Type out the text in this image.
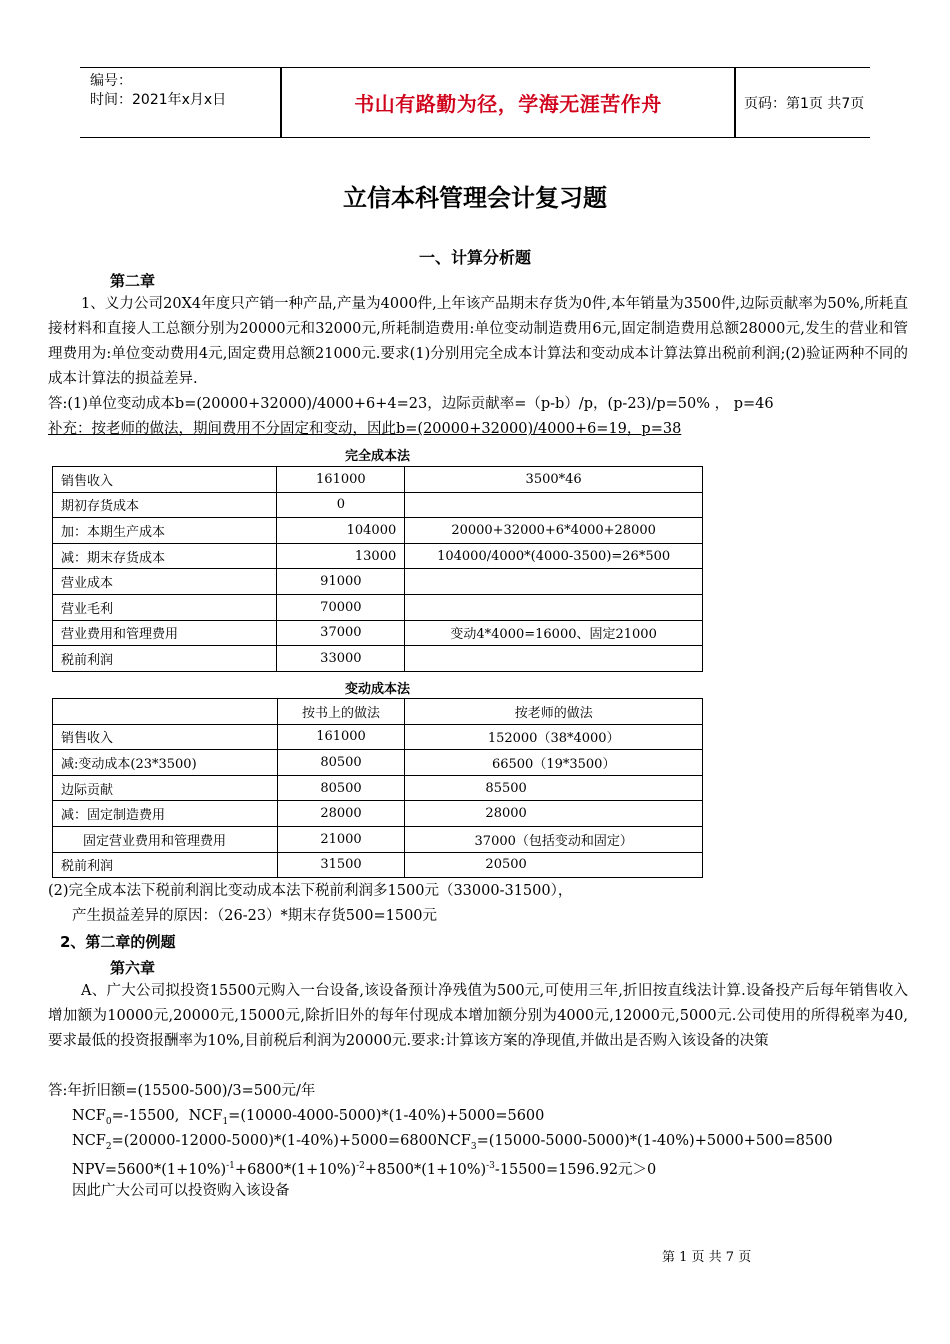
编号：
时间：2021年x月x日	书山有路勤为径，学海无涯苦作舟	页码：第1页 共7页
立信本科管理会计复习题
一、计算分析题
第二章
1、义力公司20X4年度只产销一种产品,产量为4000件,上年该产品期末存货为0件,本年销量为3500件,边际贡献率为50%,所耗直接材料和直接人工总额分别为20000元和32000元,所耗制造费用:单位变动制造费用6元,固定制造费用总额28000元,发生的营业和管理费用为:单位变动费用4元,固定费用总额21000元.要求(1)分别用完全成本计算法和变动成本计算法算出税前利润;(2)验证两种不同的成本计算法的损益差异.
答:(1)单位变动成本b=(20000+32000)/4000+6+4=23，边际贡献率=（p-b）/p，(p-23)/p=50% ， p=46
补充：按老师的做法，期间费用不分固定和变动，因此b=(20000+32000)/4000+6=19，p=38
完全成本法
销售收入	161000	3500*46
期初存货成本	0	
加：本期生产成本	104000	20000+32000+6*4000+28000
减：期末存货成本	13000	104000/4000*(4000-3500)=26*500
营业成本	91000	
营业毛利	70000	
营业费用和管理费用	37000	变动4*4000=16000、固定21000
税前利润	33000	
变动成本法
	按书上的做法	按老师的做法
销售收入	161000	152000（38*4000）
减:变动成本(23*3500)	80500	66500（19*3500）
边际贡献	80500	85500
减：固定制造费用	28000	28000
固定营业费用和管理费用	21000	37000（包括变动和固定）
税前利润	31500	20500
(2)完全成本法下税前利润比变动成本法下税前利润多1500元（33000-31500），
产生损益差异的原因：（26-23）*期末存货500=1500元
2、第二章的例题
第六章
A、广大公司拟投资15500元购入一台设备,该设备预计净残值为500元,可使用三年,折旧按直线法计算.设备投产后每年销售收入增加额为10000元,20000元,15000元,除折旧外的每年付现成本增加额分别为4000元,12000元,5000元.公司使用的所得税率为40,要求最低的投资报酬率为10%,目前税后利润为20000元.要求:计算该方案的净现值,并做出是否购入该设备的决策
答:年折旧额=(15500-500)/3=500元/年
$NCF_0=-15500$,  $NCF_1=(10000-4000-5000)*(1-40\%)+5000=5600$
$NCF_2=(20000-12000-5000)*(1-40\%)+5000=6800NCF_3=(15000-5000-5000)*(1-40\%)+5000+500=8500$
$NPV=5600*(1+10\%)^{-1}+6800*(1+10\%)^{-2}+8500*(1+10\%)^{-3}-15500=1596.92$元＞0
因此广大公司可以投资购入该设备
第 1 页 共 7 页
